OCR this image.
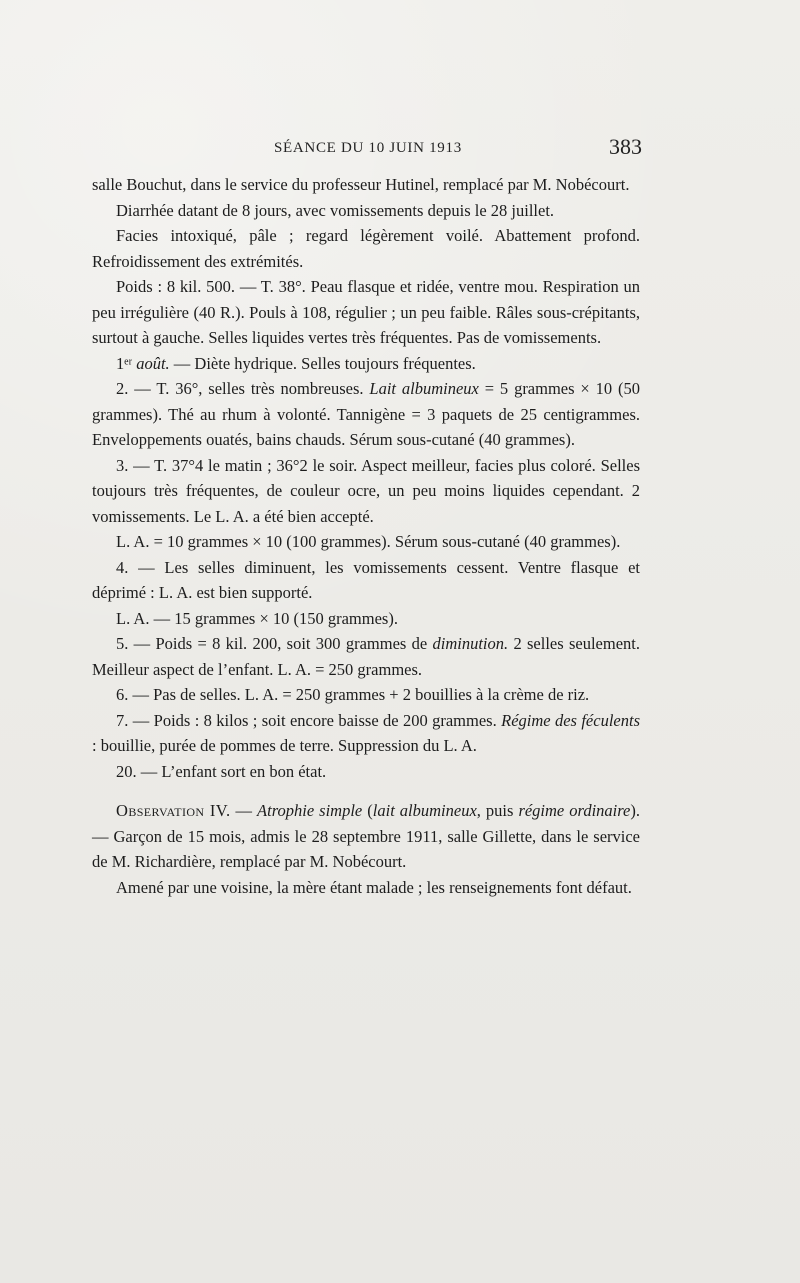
SÉANCE DU 10 JUIN 1913	383

salle Bouchut, dans le service du professeur Hutinel, remplacé par M. Nobécourt.

Diarrhée datant de 8 jours, avec vomissements depuis le 28 juillet.

Facies intoxiqué, pâle ; regard légèrement voilé. Abattement profond. Refroidissement des extrémités.

Poids : 8 kil. 500. — T. 38°. Peau flasque et ridée, ventre mou. Respiration un peu irrégulière (40 R.). Pouls à 108, régulier ; un peu faible. Râles sous-crépitants, surtout à gauche. Selles liquides vertes très fréquentes. Pas de vomissements.

1ᵉʳ août. — Diète hydrique. Selles toujours fréquentes.

2. — T. 36°, selles très nombreuses. Lait albumineux = 5 grammes × 10 (50 grammes). Thé au rhum à volonté. Tannigène = 3 paquets de 25 centigrammes. Enveloppements ouatés, bains chauds. Sérum sous-cutané (40 grammes).

3. — T. 37°4 le matin ; 36°2 le soir. Aspect meilleur, facies plus coloré. Selles toujours très fréquentes, de couleur ocre, un peu moins liquides cependant. 2 vomissements. Le L. A. a été bien accepté.

L. A. = 10 grammes × 10 (100 grammes). Sérum sous-cutané (40 grammes).

4. — Les selles diminuent, les vomissements cessent. Ventre flasque et déprimé : L. A. est bien supporté.

L. A. — 15 grammes × 10 (150 grammes).

5. — Poids = 8 kil. 200, soit 300 grammes de diminution. 2 selles seulement. Meilleur aspect de l’enfant. L. A. = 250 grammes.

6. — Pas de selles. L. A. = 250 grammes + 2 bouillies à la crème de riz.

7. — Poids : 8 kilos ; soit encore baisse de 200 grammes. Régime des féculents : bouillie, purée de pommes de terre. Suppression du L. A.

20. — L’enfant sort en bon état.

Observation IV. — Atrophie simple (lait albumineux, puis régime ordinaire). — Garçon de 15 mois, admis le 28 septembre 1911, salle Gillette, dans le service de M. Richardière, remplacé par M. Nobécourt.

Amené par une voisine, la mère étant malade ; les renseignements font défaut.
